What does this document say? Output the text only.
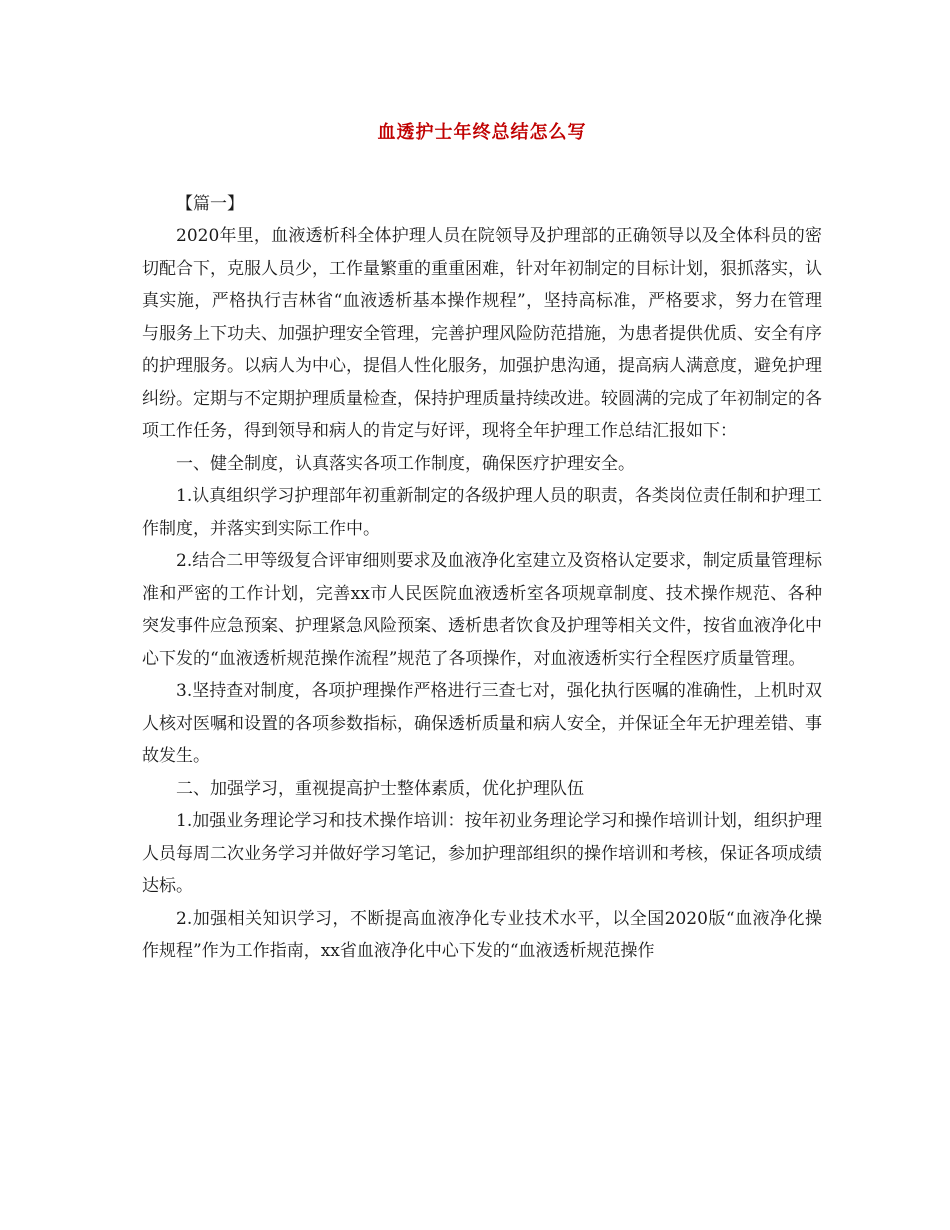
血透护士年终总结怎么写
【篇一】

2020年里，血液透析科全体护理人员在院领导及护理部的正确领导以及全体科员的密切配合下，克服人员少，工作量繁重的重重困难，针对年初制定的目标计划，狠抓落实，认真实施，严格执行吉林省“血液透析基本操作规程”，坚持高标准，严格要求，努力在管理与服务上下功夫、加强护理安全管理，完善护理风险防范措施，为患者提供优质、安全有序的护理服务。以病人为中心，提倡人性化服务，加强护患沟通，提高病人满意度，避免护理纠纷。定期与不定期护理质量检查，保持护理质量持续改进。较圆满的完成了年初制定的各项工作任务，得到领导和病人的肯定与好评，现将全年护理工作总结汇报如下：

一、健全制度，认真落实各项工作制度，确保医疗护理安全。

1.认真组织学习护理部年初重新制定的各级护理人员的职责，各类岗位责任制和护理工作制度，并落实到实际工作中。

2.结合二甲等级复合评审细则要求及血液净化室建立及资格认定要求，制定质量管理标准和严密的工作计划，完善xx市人民医院血液透析室各项规章制度、技术操作规范、各种突发事件应急预案、护理紧急风险预案、透析患者饮食及护理等相关文件，按省血液净化中心下发的“血液透析规范操作流程”规范了各项操作，对血液透析实行全程医疗质量管理。

3.坚持查对制度，各项护理操作严格进行三查七对，强化执行医嘱的准确性，上机时双人核对医嘱和设置的各项参数指标，确保透析质量和病人安全，并保证全年无护理差错、事故发生。

二、加强学习，重视提高护士整体素质，优化护理队伍

1.加强业务理论学习和技术操作培训：按年初业务理论学习和操作培训计划，组织护理人员每周二次业务学习并做好学习笔记，参加护理部组织的操作培训和考核，保证各项成绩达标。

2.加强相关知识学习，不断提高血液净化专业技术水平，以全国2020版“血液净化操作规程”作为工作指南，xx省血液净化中心下发的“血液透析规范操作
